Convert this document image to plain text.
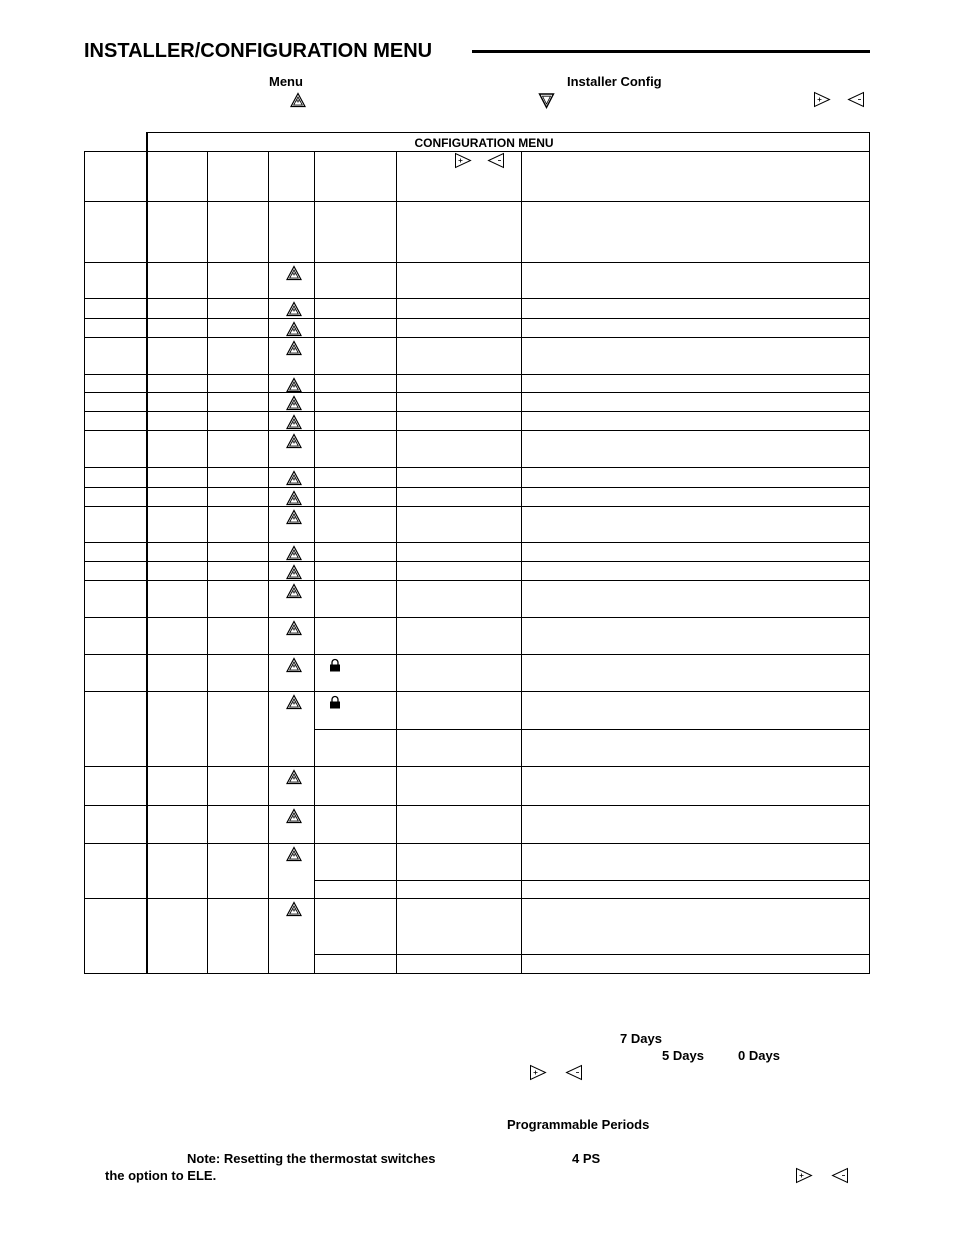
INSTALLER/CONFIGURATION MENU
Menu	Installer Config
CONFIGURATION MENU
7 Days
5 Days	0 Days
Programmable Periods
Note: Resetting the thermostat switches	4 PS
the option to ELE.
